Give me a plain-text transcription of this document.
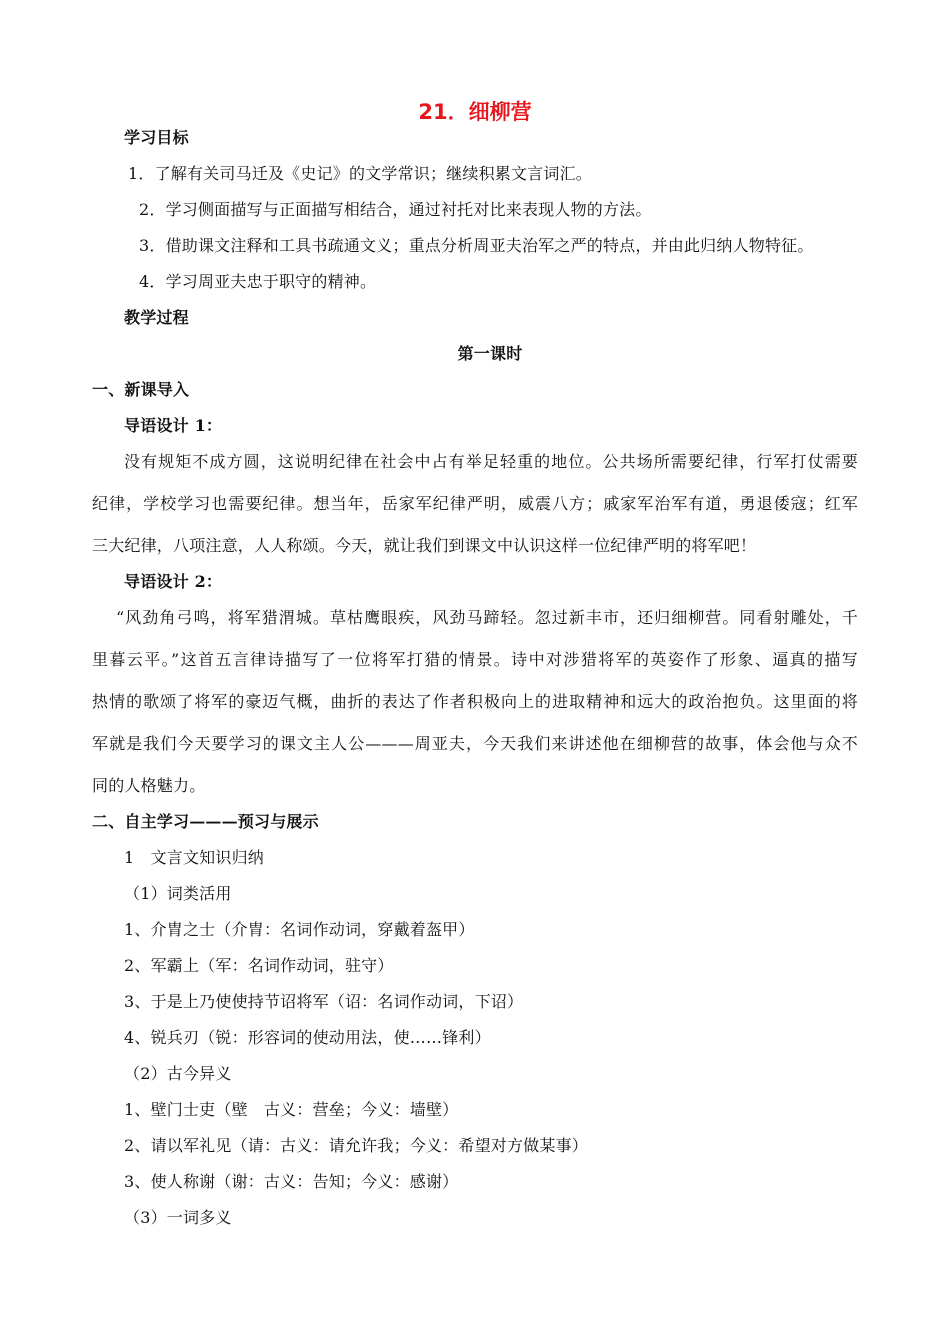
21．细柳营
学习目标
1．了解有关司马迁及《史记》的文学常识；继续积累文言词汇。
2．学习侧面描写与正面描写相结合，通过衬托对比来表现人物的方法。
3．借助课文注释和工具书疏通文义；重点分析周亚夫治军之严的特点，并由此归纳人物特征。
4．学习周亚夫忠于职守的精神。
教学过程
第一课时
一、新课导入
导语设计 1：
没有规矩不成方圆，这说明纪律在社会中占有举足轻重的地位。公共场所需要纪律，行军打仗需要
纪律，学校学习也需要纪律。想当年，岳家军纪律严明，威震八方；戚家军治军有道，勇退倭寇；红军
三大纪律，八项注意，人人称颂。今天，就让我们到课文中认识这样一位纪律严明的将军吧！
导语设计 2：
“风劲角弓鸣，将军猎渭城。草枯鹰眼疾，风劲马蹄轻。忽过新丰市，还归细柳营。同看射雕处，千
里暮云平。”这首五言律诗描写了一位将军打猎的情景。诗中对涉猎将军的英姿作了形象、逼真的描写
热情的歌颂了将军的豪迈气概，曲折的表达了作者积极向上的进取精神和远大的政治抱负。这里面的将
军就是我们今天要学习的课文主人公———周亚夫，今天我们来讲述他在细柳营的故事，体会他与众不
同的人格魅力。
二、自主学习———预习与展示
1　文言文知识归纳
（1）词类活用
1、介胄之士（介胄：名词作动词，穿戴着盔甲）
2、军霸上（军：名词作动词，驻守）
3、于是上乃使使持节诏将军（诏：名词作动词，下诏）
4、锐兵刃（锐：形容词的使动用法，使……锋利）
（2）古今异义
1、壁门士吏（壁　古义：营垒；今义：墙壁）
2、请以军礼见（请：古义：请允许我；今义：希望对方做某事）
3、使人称谢（谢：古义：告知；今义：感谢）
（3）一词多义
